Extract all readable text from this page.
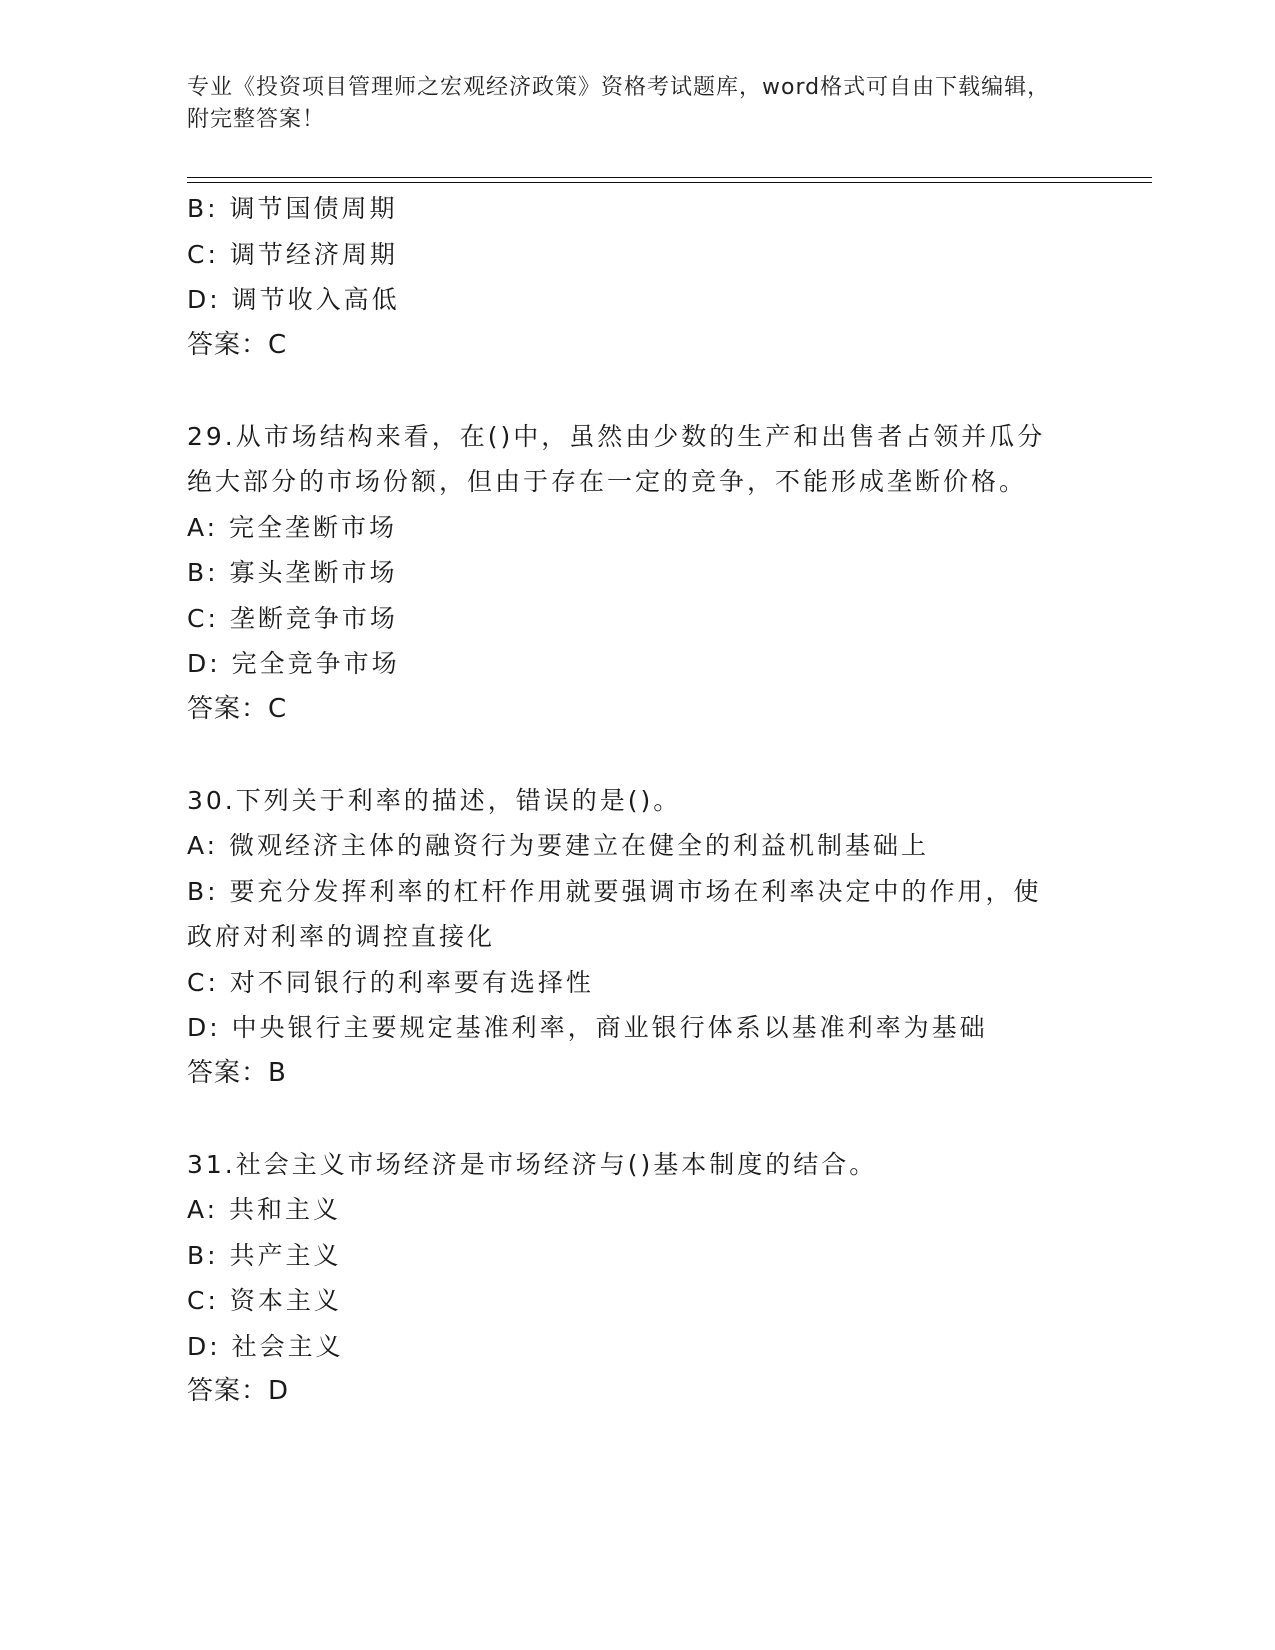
专业《投资项目管理师之宏观经济政策》资格考试题库，word格式可自由下载编辑，附完整答案！
B: 调节国债周期
C: 调节经济周期
D: 调节收入高低
答案：C
29.从市场结构来看，在()中，虽然由少数的生产和出售者占领并瓜分
绝大部分的市场份额，但由于存在一定的竞争，不能形成垄断价格。
A: 完全垄断市场
B: 寡头垄断市场
C: 垄断竞争市场
D: 完全竞争市场
答案：C
30.下列关于利率的描述，错误的是()。
A: 微观经济主体的融资行为要建立在健全的利益机制基础上
B: 要充分发挥利率的杠杆作用就要强调市场在利率决定中的作用，使
政府对利率的调控直接化
C: 对不同银行的利率要有选择性
D: 中央银行主要规定基准利率，商业银行体系以基准利率为基础
答案：B
31.社会主义市场经济是市场经济与()基本制度的结合。
A: 共和主义
B: 共产主义
C: 资本主义
D: 社会主义
答案：D
